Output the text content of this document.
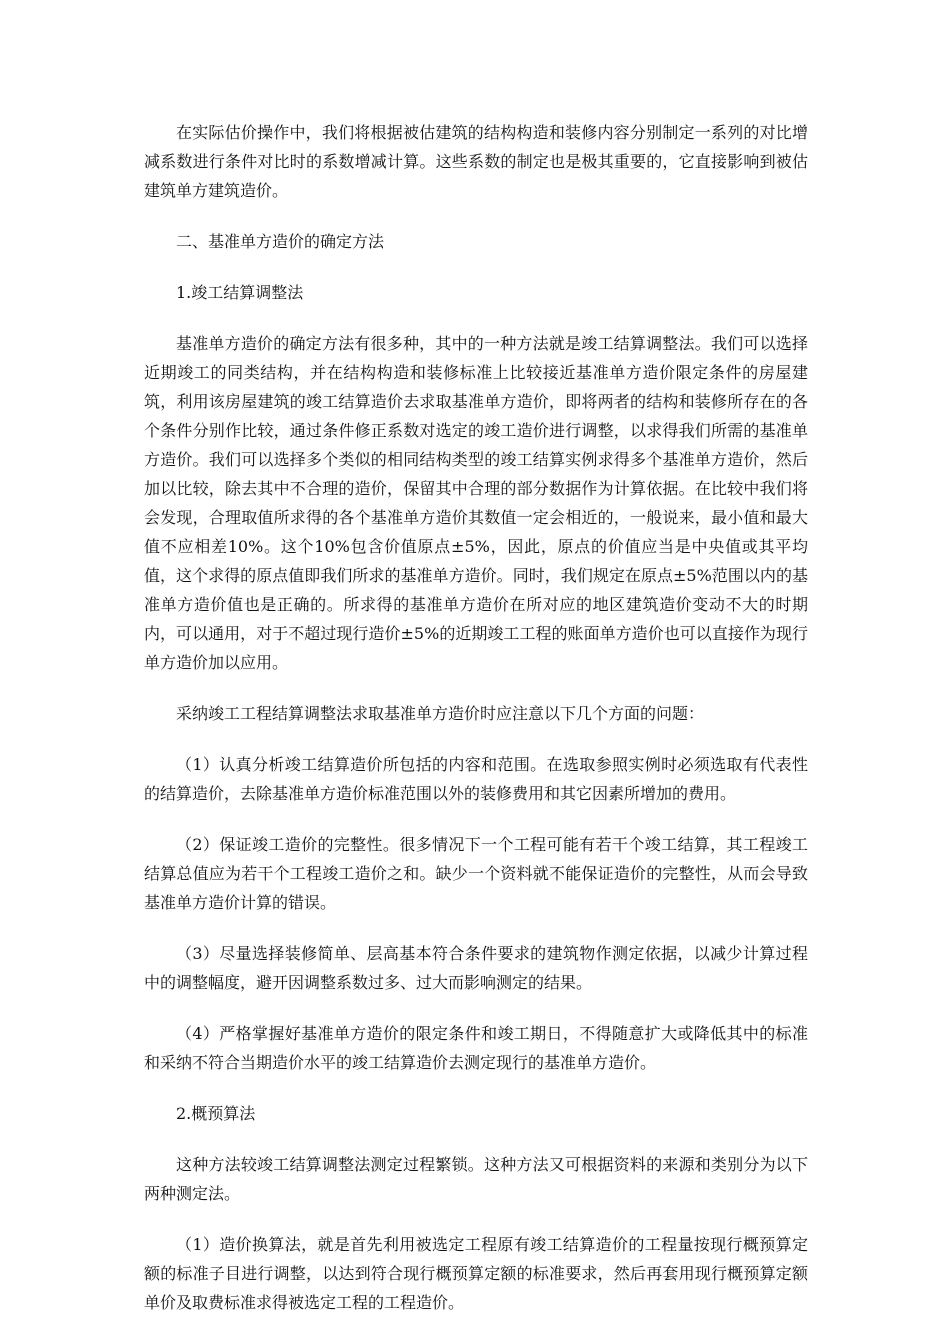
在实际估价操作中，我们将根据被估建筑的结构构造和装修内容分别制定一系列的对比增减系数进行条件对比时的系数增减计算。这些系数的制定也是极其重要的，它直接影响到被估建筑单方建筑造价。

二、基准单方造价的确定方法

1.竣工结算调整法

基准单方造价的确定方法有很多种，其中的一种方法就是竣工结算调整法。我们可以选择近期竣工的同类结构，并在结构构造和装修标准上比较接近基准单方造价限定条件的房屋建筑，利用该房屋建筑的竣工结算造价去求取基准单方造价，即将两者的结构和装修所存在的各个条件分别作比较，通过条件修正系数对选定的竣工造价进行调整，以求得我们所需的基准单方造价。我们可以选择多个类似的相同结构类型的竣工结算实例求得多个基准单方造价，然后加以比较，除去其中不合理的造价，保留其中合理的部分数据作为计算依据。在比较中我们将会发现，合理取值所求得的各个基准单方造价其数值一定会相近的，一般说来，最小值和最大值不应相差10%。这个10%包含价值原点±5%，因此，原点的价值应当是中央值或其平均值，这个求得的原点值即我们所求的基准单方造价。同时，我们规定在原点±5%范围以内的基准单方造价值也是正确的。所求得的基准单方造价在所对应的地区建筑造价变动不大的时期内，可以通用，对于不超过现行造价±5%的近期竣工工程的账面单方造价也可以直接作为现行单方造价加以应用。

采纳竣工工程结算调整法求取基准单方造价时应注意以下几个方面的问题：

（1）认真分析竣工结算造价所包括的内容和范围。在选取参照实例时必须选取有代表性的结算造价，去除基准单方造价标准范围以外的装修费用和其它因素所增加的费用。

（2）保证竣工造价的完整性。很多情况下一个工程可能有若干个竣工结算，其工程竣工结算总值应为若干个工程竣工造价之和。缺少一个资料就不能保证造价的完整性，从而会导致基准单方造价计算的错误。

（3）尽量选择装修简单、层高基本符合条件要求的建筑物作测定依据，以减少计算过程中的调整幅度，避开因调整系数过多、过大而影响测定的结果。

（4）严格掌握好基准单方造价的限定条件和竣工期日，不得随意扩大或降低其中的标准和采纳不符合当期造价水平的竣工结算造价去测定现行的基准单方造价。

2.概预算法

这种方法较竣工结算调整法测定过程繁锁。这种方法又可根据资料的来源和类别分为以下两种测定法。

（1）造价换算法，就是首先利用被选定工程原有竣工结算造价的工程量按现行概预算定额的标准子目进行调整，以达到符合现行概预算定额的标准要求，然后再套用现行概预算定额单价及取费标准求得被选定工程的工程造价。
